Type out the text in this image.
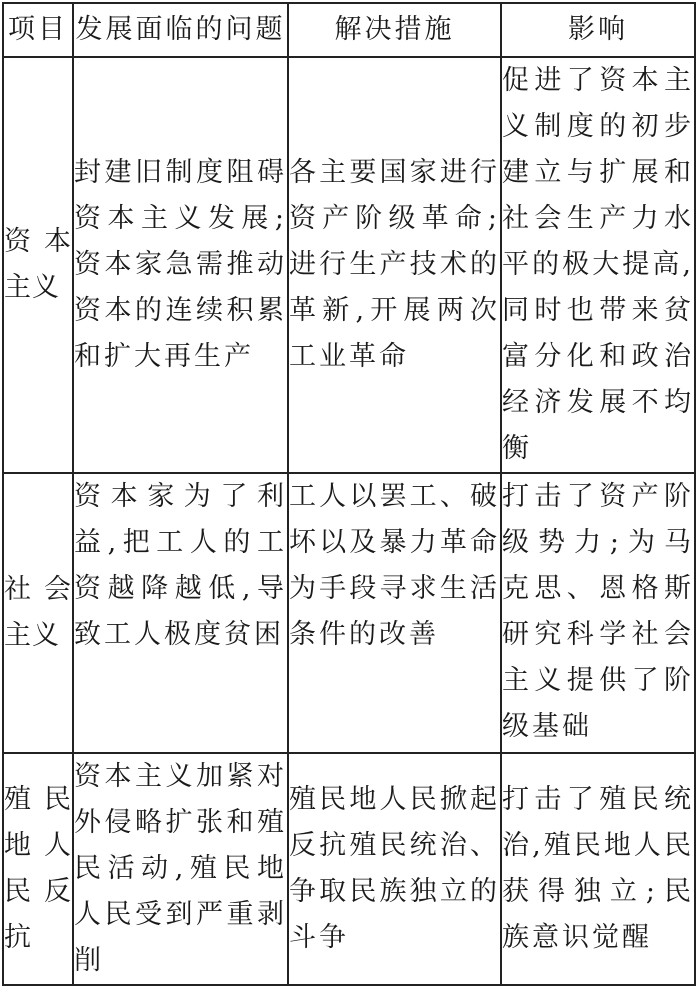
项目	发展面临的问题	解决措施	影响
资本主义	封建旧制度阻碍资本主义发展;资本家急需推动资本的连续积累和扩大再生产	各主要国家进行资产阶级革命;进行生产技术的革新,开展两次工业革命	促进了资本主义制度的初步建立与扩展和社会生产力水平的极大提高,同时也带来贫富分化和政治经济发展不均衡
社会主义	资本家为了利益,把工人的工资越降越低,导致工人极度贫困	工人以罢工、破坏以及暴力革命为手段寻求生活条件的改善	打击了资产阶级势力;为马克思、恩格斯研究科学社会主义提供了阶级基础
殖民地人民反抗	资本主义加紧对外侵略扩张和殖民活动,殖民地人民受到严重剥削	殖民地人民掀起反抗殖民统治、争取民族独立的斗争	打击了殖民统治,殖民地人民获得独立;民族意识觉醒
